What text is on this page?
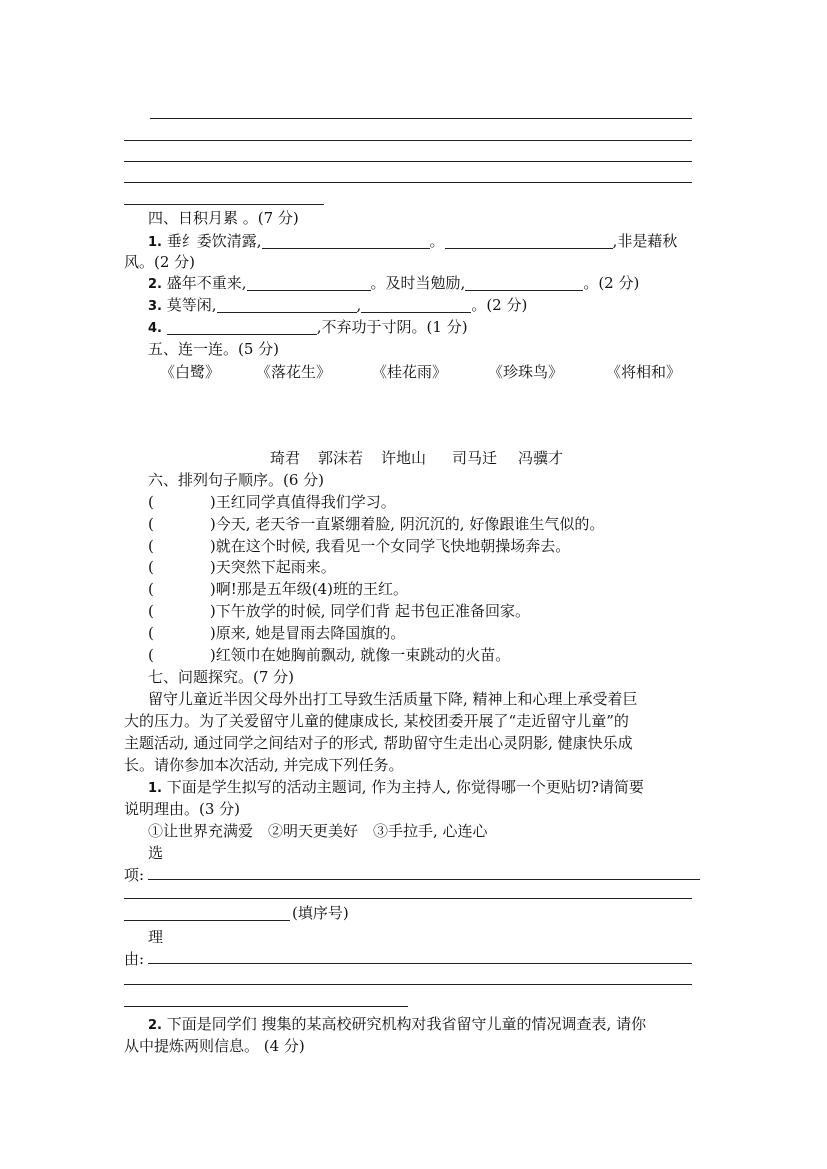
四、日积月累 。(7 分)
1. 垂纟委饮清露,	。	,非是藉秋
风。(2 分)
2. 盛年不重来,	。及时当勉励,	。(2 分)
3. 莫等闲,	,	。(2 分)
4.	,不弃功于寸阴。(1 分)
五、连一连。(5 分)
《白鹭》 《落花生》	《桂花雨》	《珍珠鸟》	《将相和》
琦君 郭沫若 许地山 司马迁 冯骥才
六、排列句子顺序。(6 分)
(	)王红同学真值得我们学习。
(	)今天, 老天爷一直紧绷着脸, 阴沉沉的, 好像跟谁生气似的。
(	)就在这个时候, 我看见一个女同学飞快地朝操场奔去。
(	)天突然下起雨来。
(	)啊!那是五年级(4)班的王红。
(	)下午放学的时候, 同学们背 起书包正准备回家。
(	)原来, 她是冒雨去降国旗的。
(	)红领巾在她胸前飘动, 就像一束跳动的火苗。
七、问题探究。(7 分)
留守儿童近半因父母外出打工导致生活质量下降, 精神上和心理上承受着巨
大的压力。为了关爱留守儿童的健康成长, 某校团委开展了“走近留守儿童”的
主题活动, 通过同学之间结对子的形式, 帮助留守生走出心灵阴影, 健康快乐成
长。请你参加本次活动, 并完成下列任务。
1. 下面是学生拟写的活动主题词, 作为主持人, 你觉得哪一个更贴切?请简要
说明理由。(3 分)
①让世界充满爱　②明天更美好　③手拉手, 心连心
选
项:
(填序号)
理
由:
2. 下面是同学们 搜集的某高校研究机构对我省留守儿童的情况调查表, 请你
从中提炼两则信息。 (4 分)
